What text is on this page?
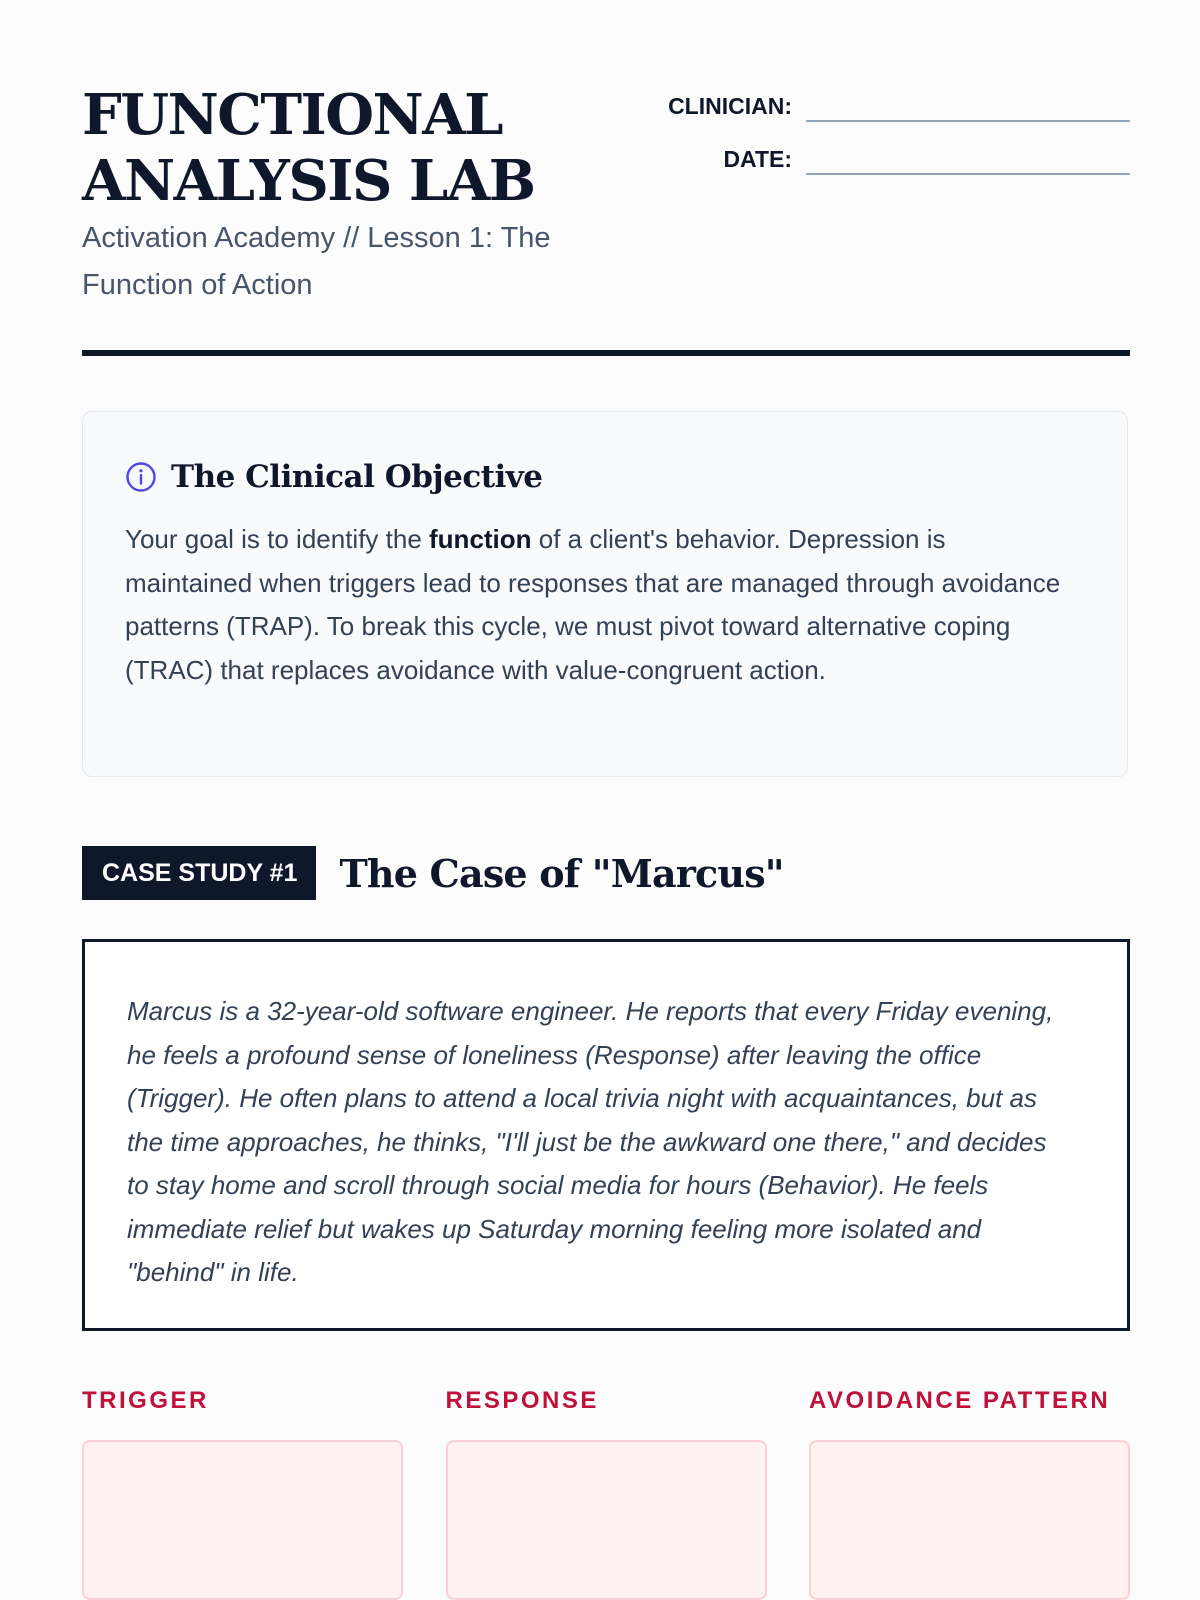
FUNCTIONAL
ANALYSIS LAB

Activation Academy // Lesson 1: The Function of Action

CLINICIAN:
DATE:
The Clinical Objective

Your goal is to identify the function of a client's behavior. Depression is maintained when triggers lead to responses that are managed through avoidance patterns (TRAP). To break this cycle, we must pivot toward alternative coping (TRAC) that replaces avoidance with value-congruent action.

CASE STUDY #1	The Case of "Marcus"

Marcus is a 32-year-old software engineer. He reports that every Friday evening, he feels a profound sense of loneliness (Response) after leaving the office (Trigger). He often plans to attend a local trivia night with acquaintances, but as the time approaches, he thinks, "I'll just be the awkward one there," and decides to stay home and scroll through social media for hours (Behavior). He feels immediate relief but wakes up Saturday morning feeling more isolated and "behind" in life.

TRIGGER	RESPONSE	AVOIDANCE PATTERN
